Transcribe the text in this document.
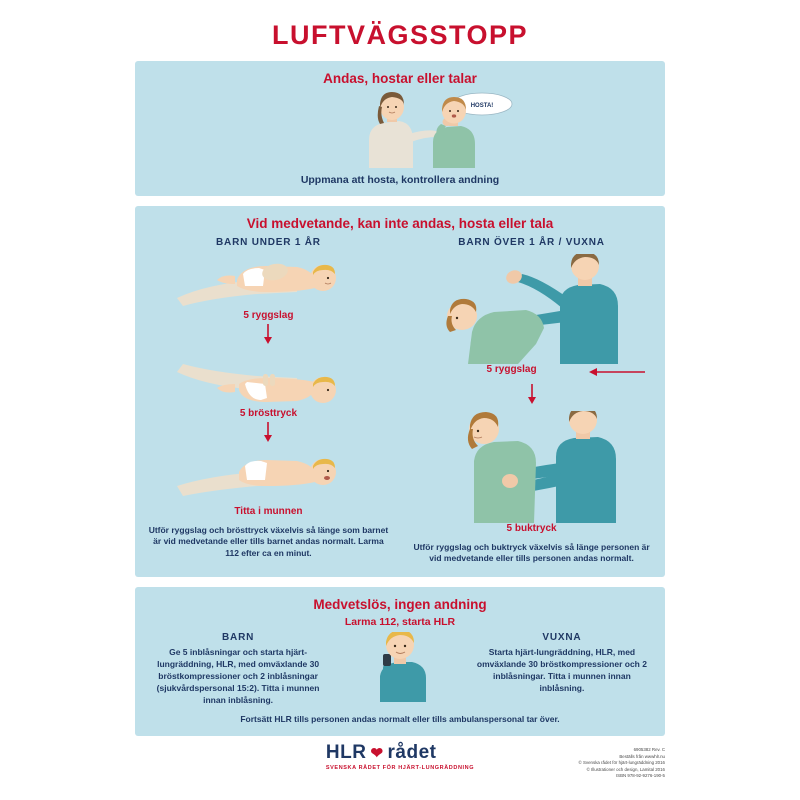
LUFTVÄGSSTOPP
Andas, hostar eller talar
HOSTA!
Uppmana att hosta, kontrollera andning
Vid medvetande, kan inte andas, hosta eller tala
BARN UNDER 1 ÅR
5 ryggslag
5 brösttryck
Titta i munnen
Utför ryggslag och brösttryck växelvis så länge som barnet är vid medvetande eller tills barnet andas normalt. Larma 112 efter ca en minut.
BARN ÖVER 1 ÅR / VUXNA
5 ryggslag
5 buktryck
Utför ryggslag och buktryck växelvis så länge personen är vid medvetande eller tills personen andas normalt.
Medvetslös, ingen andning
Larma 112, starta HLR
BARN
Ge 5 inblåsningar och starta hjärt-lungräddning, HLR, med omväxlande 30 bröstkompressioner och 2 inblåsningar (sjukvårdspersonal 15:2). Titta i munnen innan inblåsning.
VUXNA
Starta hjärt-lungräddning, HLR, med omväxlande 30 bröstkompressioner och 2 inblåsningar. Titta i munnen innan inblåsning.
Fortsätt HLR tills personen andas normalt eller tills ambulanspersonal tar över.
HLR ❤ rådet
SVENSKA RÅDET FÖR HJÄRT-LUNGRÄDDNING
6905382 Rev. C
Beställs från wwwhlr.nu
© Svenska rådet för hjärt-lungräddning 2016
© Illustrationer och design, Lamital 2016
ISBN 978-92-9276-190-5
